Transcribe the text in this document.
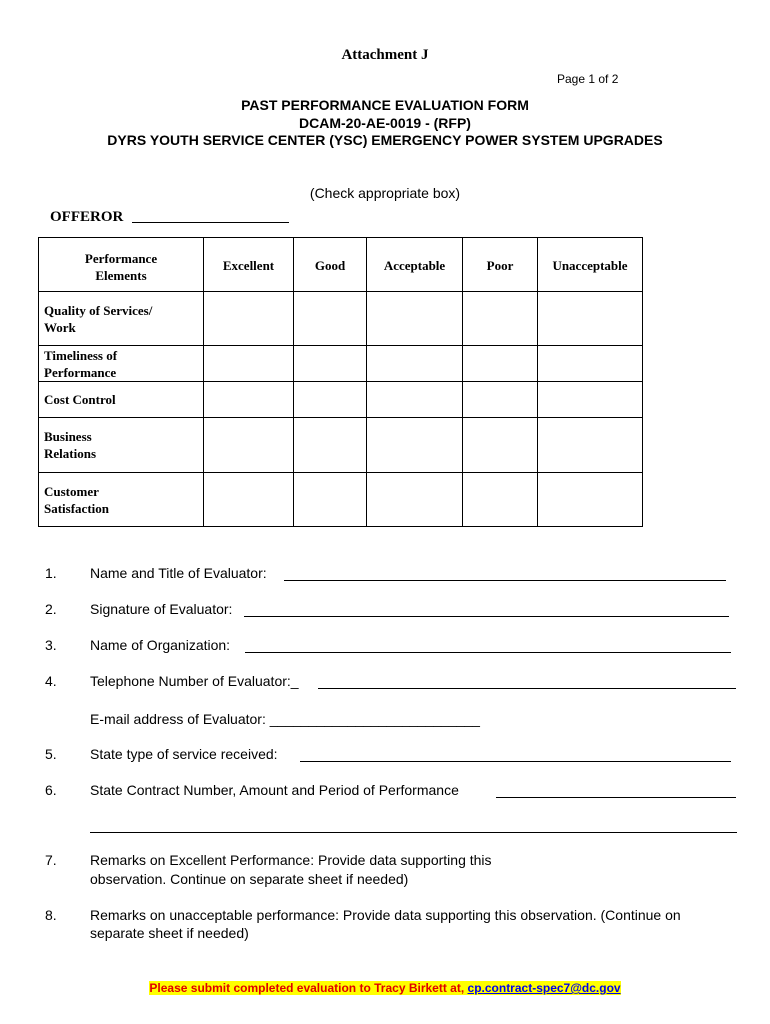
Attachment J
Page 1 of 2
PAST PERFORMANCE EVALUATION FORM
DCAM-20-AE-0019 - (RFP)
DYRS YOUTH SERVICE CENTER (YSC) EMERGENCY POWER SYSTEM UPGRADES
(Check appropriate box)
OFFEROR
Performance
Elements	Excellent	Good	Acceptable	Poor	Unacceptable

Quality of Services/
Work					

Timeliness of
Performance					

Cost Control					

Business
Relations					

Customer
Satisfaction					

1. Name and Title of Evaluator:
2. Signature of Evaluator:
3. Name of Organization:
4. Telephone Number of Evaluator:_
E-mail address of Evaluator: ___________________________
5. State type of service received:
6. State Contract Number, Amount and Period of Performance
7. Remarks on Excellent Performance: Provide data supporting this
observation. Continue on separate sheet if needed)
8. Remarks on unacceptable performance: Provide data supporting this observation. (Continue on
separate sheet if needed)
Please submit completed evaluation to Tracy Birkett at, cp.contract-spec7@dc.gov
